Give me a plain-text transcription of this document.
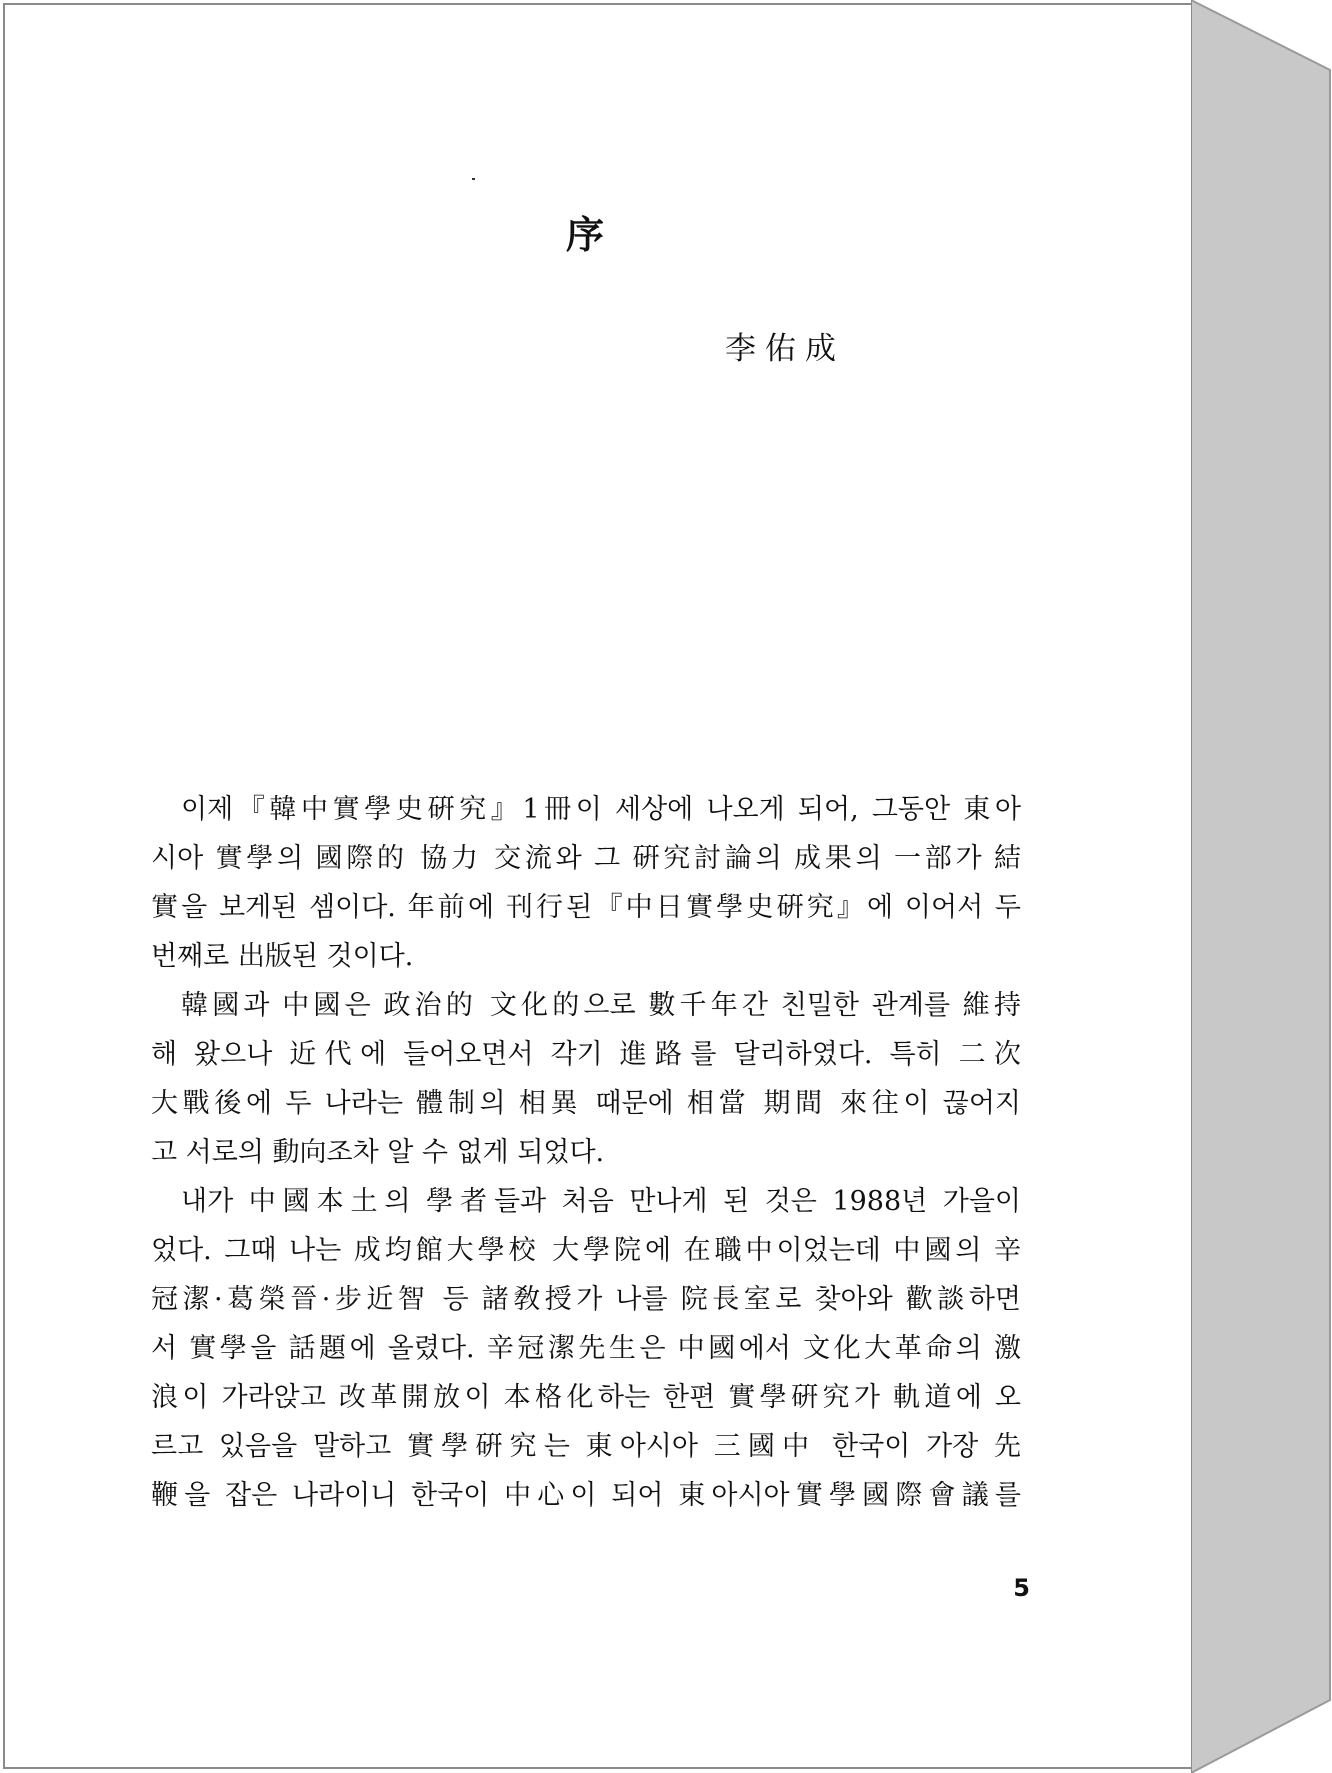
序

李佑成

이제『韓中實學史硏究』1冊이 세상에 나오게 되어, 그동안 東아
시아 實學의 國際的 協力 交流와 그 硏究討論의 成果의 一部가 結
實을 보게된 셈이다. 年前에 刊行된『中日實學史硏究』에 이어서 두
번째로 出版된 것이다.
韓國과 中國은 政治的 文化的으로 數千年간 친밀한 관계를 維持
해 왔으나 近代에 들어오면서 각기 進路를 달리하였다. 특히 二次
大戰後에 두 나라는 體制의 相異 때문에 相當 期間 來往이 끊어지
고 서로의 動向조차 알 수 없게 되었다.
내가 中國本土의 學者들과 처음 만나게 된 것은 1988년 가을이
었다. 그때 나는 成均館大學校 大學院에 在職中이었는데 中國의 辛
冠潔·葛榮晉·步近智 등 諸敎授가 나를 院長室로 찾아와 歡談하면
서 實學을 話題에 올렸다. 辛冠潔先生은 中國에서 文化大革命의 激
浪이 가라앉고 改革開放이 本格化하는 한편 實學硏究가 軌道에 오
르고 있음을 말하고 實學硏究는 東아시아 三國中 한국이 가장 先
鞭을 잡은 나라이니 한국이 中心이 되어 東아시아實學國際會議를

5
